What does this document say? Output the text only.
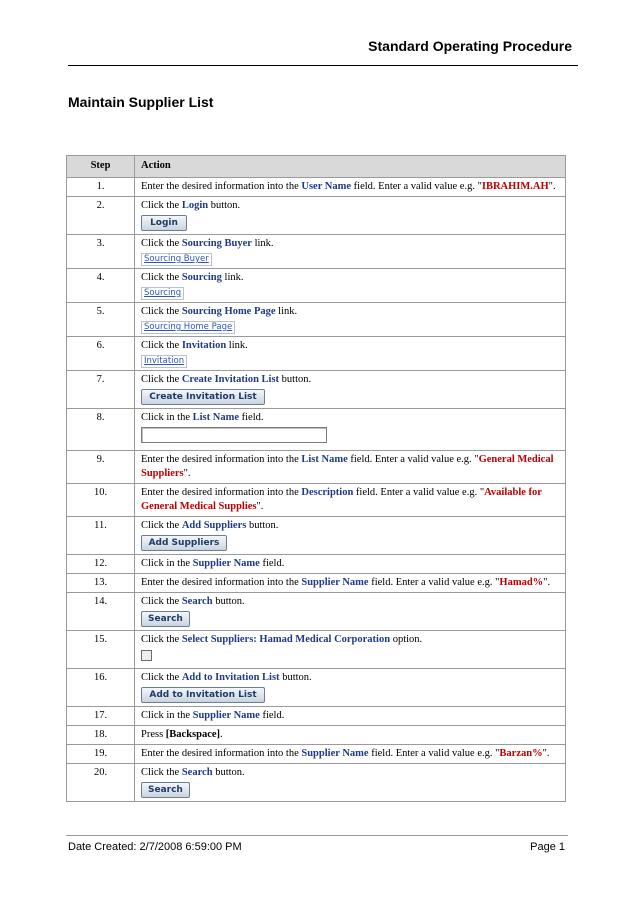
Standard Operating Procedure
Maintain Supplier List
Step	Action
1.	Enter the desired information into the User Name field. Enter a valid value e.g. "IBRAHIM.AH".

2.	Click the Login button.
Login

3.	Click the Sourcing Buyer link.
Sourcing Buyer

4.	Click the Sourcing link.
Sourcing

5.	Click the Sourcing Home Page link.
Sourcing Home Page

6.	Click the Invitation link.
Invitation

7.	Click the Create Invitation List button.
Create Invitation List

8.	Click in the List Name field.

9.	Enter the desired information into the List Name field. Enter a valid value e.g. "General Medical Suppliers".

10.	Enter the desired information into the Description field. Enter a valid value e.g. "Available for General Medical Supplies".

11.	Click the Add Suppliers button.
Add Suppliers

12.	Click in the Supplier Name field.

13.	Enter the desired information into the Supplier Name field. Enter a valid value e.g. "Hamad%".

14.	Click the Search button.
Search

15.	Click the Select Suppliers: Hamad Medical Corporation option.

16.	Click the Add to Invitation List button.
Add to Invitation List

17.	Click in the Supplier Name field.

18.	Press [Backspace].

19.	Enter the desired information into the Supplier Name field. Enter a valid value e.g. "Barzan%".

20.	Click the Search button.
Search
Date Created: 2/7/2008 6:59:00 PM	Page 1
